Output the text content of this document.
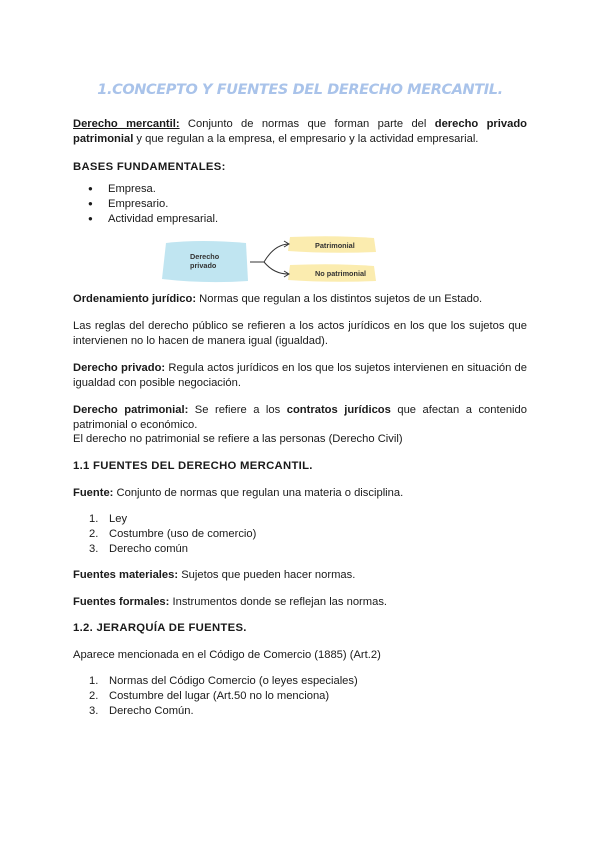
1.CONCEPTO Y FUENTES DEL DERECHO MERCANTIL.
Derecho mercantil: Conjunto de normas que forman parte del derecho privado patrimonial y que regulan a la empresa, el empresario y la actividad empresarial.
BASES FUNDAMENTALES:
● Empresa.
● Empresario.
● Actividad empresarial.
Derecho
privado
Patrimonial
No patrimonial
Ordenamiento jurídico: Normas que regulan a los distintos sujetos de un Estado.
Las reglas del derecho público se refieren a los actos jurídicos en los que los sujetos que intervienen no lo hacen de manera igual (igualdad).
Derecho privado: Regula actos jurídicos en los que los sujetos intervienen en situación de igualdad con posible negociación.
Derecho patrimonial: Se refiere a los contratos jurídicos que afectan a contenido patrimonial o económico.
El derecho no patrimonial se refiere a las personas (Derecho Civil)
1.1 FUENTES DEL DERECHO MERCANTIL.
Fuente: Conjunto de normas que regulan una materia o disciplina.
1. Ley
2. Costumbre (uso de comercio)
3. Derecho común
Fuentes materiales: Sujetos que pueden hacer normas.
Fuentes formales: Instrumentos donde se reflejan las normas.
1.2. JERARQUÍA DE FUENTES.
Aparece mencionada en el Código de Comercio (1885) (Art.2)
1. Normas del Código Comercio (o leyes especiales)
2. Costumbre del lugar (Art.50 no lo menciona)
3. Derecho Común.
